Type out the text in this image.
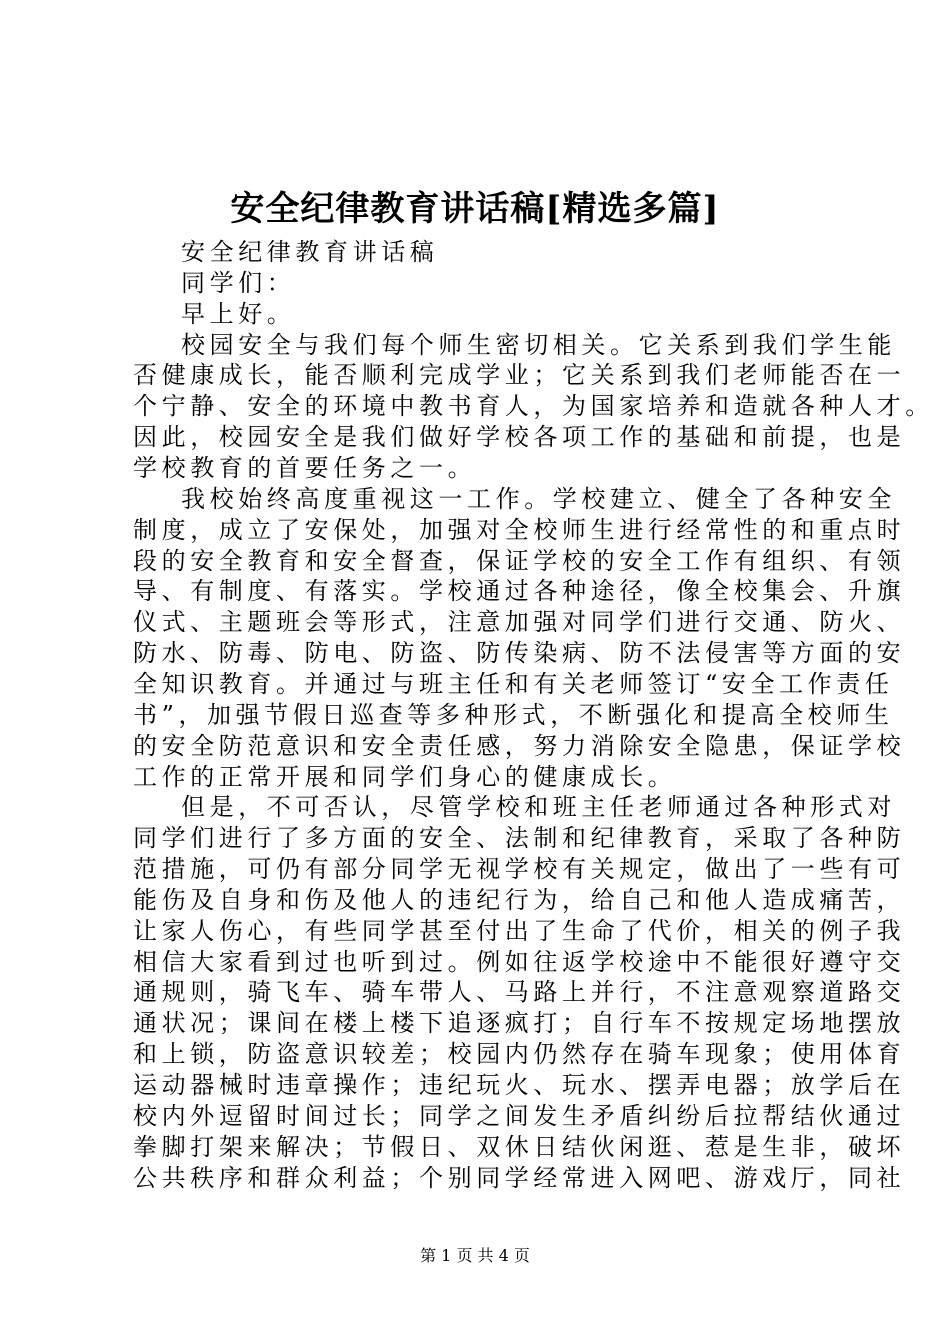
安全纪律教育讲话稿[精选多篇]
安全纪律教育讲话稿
同学们：
早上好。
校园安全与我们每个师生密切相关。它关系到我们学生能
否健康成长，能否顺利完成学业；它关系到我们老师能否在一
个宁静、安全的环境中教书育人，为国家培养和造就各种人才。
因此，校园安全是我们做好学校各项工作的基础和前提，也是
学校教育的首要任务之一。
我校始终高度重视这一工作。学校建立、健全了各种安全
制度，成立了安保处，加强对全校师生进行经常性的和重点时
段的安全教育和安全督查，保证学校的安全工作有组织、有领
导、有制度、有落实。学校通过各种途径，像全校集会、升旗
仪式、主题班会等形式，注意加强对同学们进行交通、防火、
防水、防毒、防电、防盗、防传染病、防不法侵害等方面的安
全知识教育。并通过与班主任和有关老师签订“安全工作责任
书”，加强节假日巡查等多种形式，不断强化和提高全校师生
的安全防范意识和安全责任感，努力消除安全隐患，保证学校
工作的正常开展和同学们身心的健康成长。
但是，不可否认，尽管学校和班主任老师通过各种形式对
同学们进行了多方面的安全、法制和纪律教育，采取了各种防
范措施，可仍有部分同学无视学校有关规定，做出了一些有可
能伤及自身和伤及他人的违纪行为，给自己和他人造成痛苦，
让家人伤心，有些同学甚至付出了生命了代价，相关的例子我
相信大家看到过也听到过。例如往返学校途中不能很好遵守交
通规则，骑飞车、骑车带人、马路上并行，不注意观察道路交
通状况；课间在楼上楼下追逐疯打；自行车不按规定场地摆放
和上锁，防盗意识较差；校园内仍然存在骑车现象；使用体育
运动器械时违章操作；违纪玩火、玩水、摆弄电器；放学后在
校内外逗留时间过长；同学之间发生矛盾纠纷后拉帮结伙通过
拳脚打架来解决；节假日、双休日结伙闲逛、惹是生非，破坏
公共秩序和群众利益；个别同学经常进入网吧、游戏厅，同社
第 1 页 共 4 页
